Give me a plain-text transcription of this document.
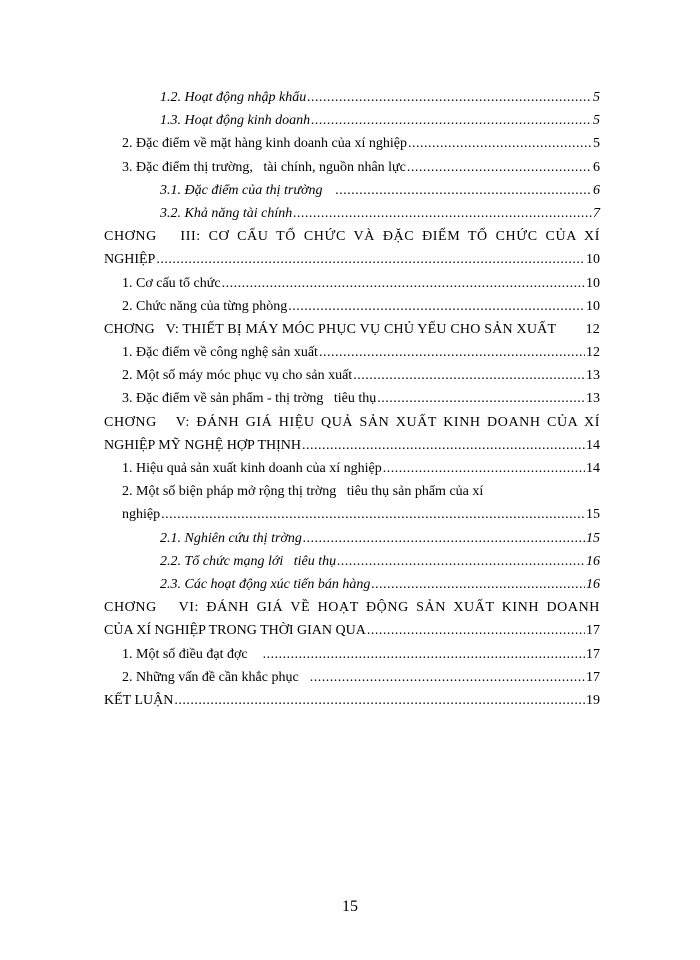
1.2. Hoạt động nhập khẩu .....	5
1.3. Hoạt động kinh doanh .....	5
2. Đặc điểm về mặt hàng kinh doanh của xí nghiệp .....	5
3. Đặc điểm thị trường,   tài chính, nguồn nhân lực .....	6
3.1. Đặc điểm của thị trường .....	6
3.2. Khả năng tài chính .....	7
CHƠNG   III: CƠ CẤU TỔ CHỨC VÀ ĐẶC ĐIỂM TỔ CHỨC CỦA XÍ
NGHIỆP .....	10
1. Cơ cấu tổ chức .....	10
2. Chức năng của từng phòng .....	10
CHƠNG   V: THIẾT BỊ MÁY MÓC PHỤC VỤ CHỦ YẾU CHO SẢN XUẤT	12
1. Đặc điểm về công nghệ sản xuất .....	12
2. Một số máy móc phục vụ cho sản xuất .....	13
3. Đặc điểm về sản phẩm - thị trờng   tiêu thụ .....	13
CHƠNG   V: ĐÁNH GIÁ HIỆU QUẢ SẢN XUẤT KINH DOANH CỦA XÍ
NGHIỆP MỸ NGHỆ HỢP THỊNH .....	14
1. Hiệu quả sản xuất kinh doanh của xí nghiệp .....	14
2. Một số biện pháp mở rộng thị trờng   tiêu thụ sản phẩm của xí
nghiệp .....	15
2.1. Nghiên cứu thị trờng .....	15
2.2. Tổ chức mạng lới   tiêu thụ .....	16
2.3. Các hoạt động xúc tiến bán hàng .....	16
CHƠNG   VI: ĐÁNH GIÁ VỀ HOẠT ĐỘNG SẢN XUẤT KINH DOANH
CỦA XÍ NGHIỆP TRONG THỜI GIAN QUA .....	17
1. Một số điều đạt đợc .....	17
2. Những vấn đề cần khắc phục .....	17
KẾT LUẬN .....	19
15
